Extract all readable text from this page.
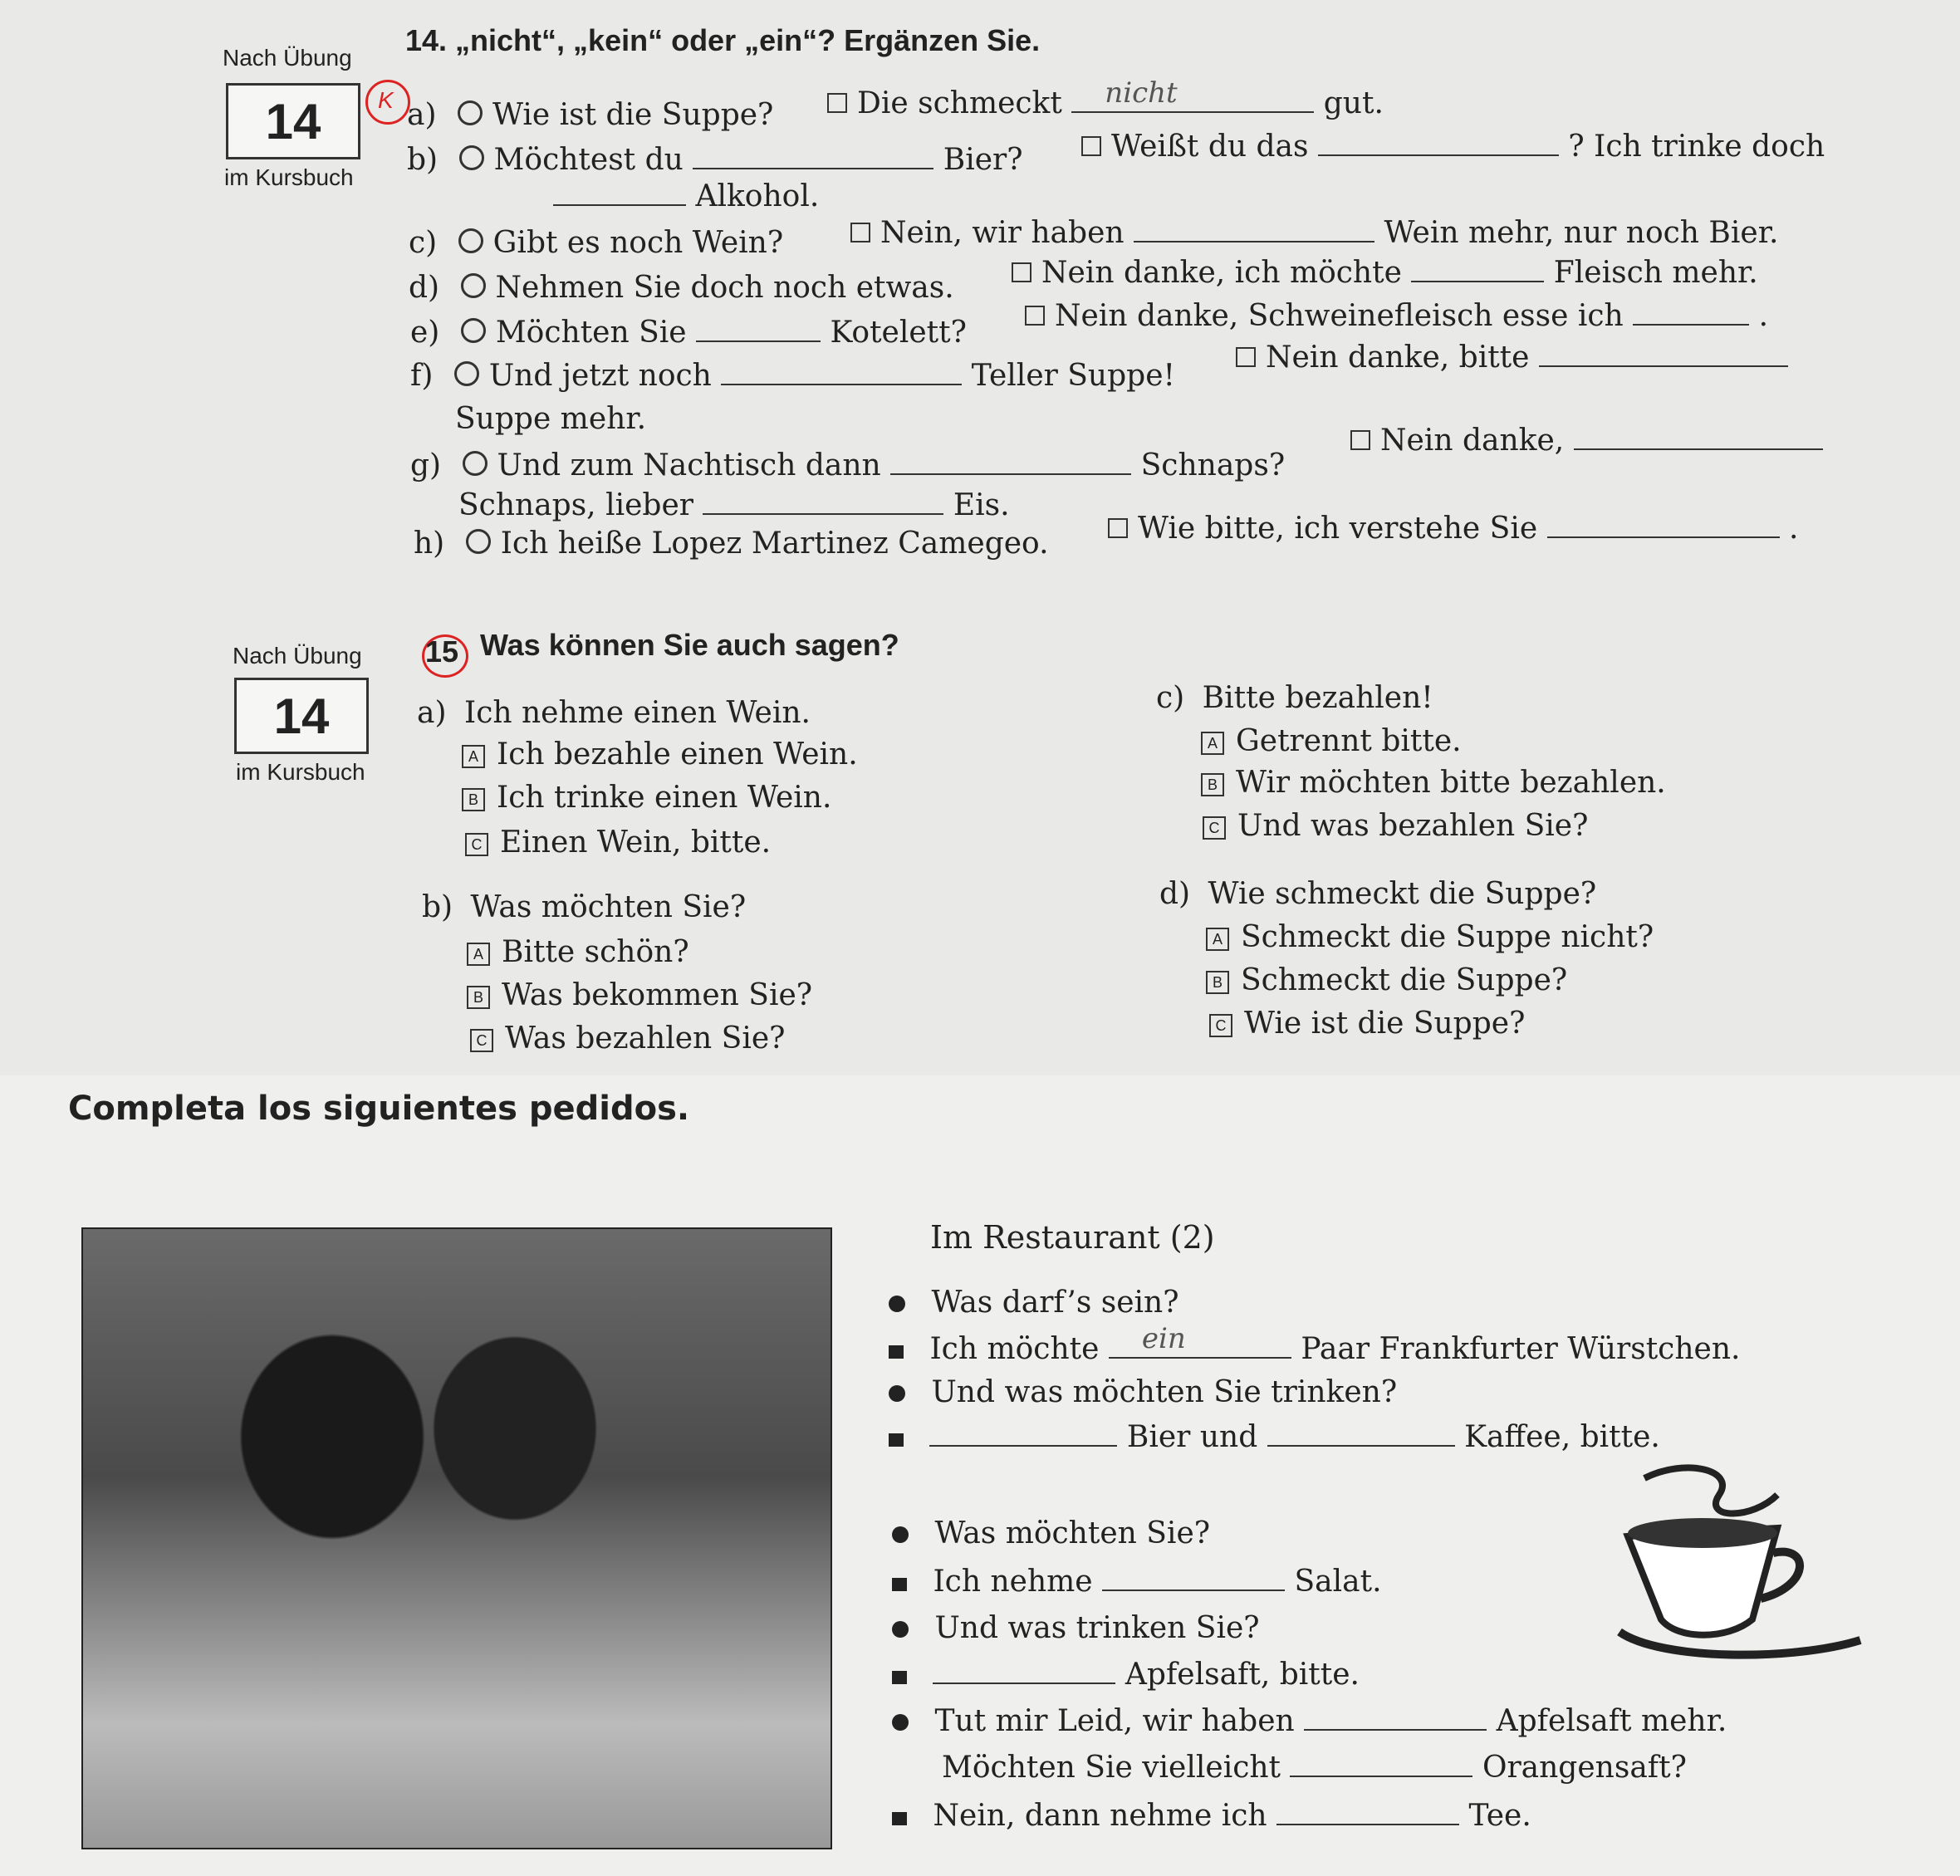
Nach Übung
14. „nicht“, „kein“ oder „ein“? Ergänzen Sie.
14
im Kursbuch
K a) Wie ist die Suppe?	Die schmeckt nicht	gut.
b) Möchtest du	Bier?	Weißt du das	? Ich trinke doch
Alkohol.
c) Gibt es noch Wein?	Nein, wir haben	Wein mehr, nur noch Bier.
d) Nehmen Sie doch noch etwas.	Nein danke, ich möchte	Fleisch mehr.
e) Möchten Sie	Kotelett?	Nein danke, Schweinefleisch esse ich	.
f) Und jetzt noch	Teller Suppe!
Nein danke, bitte
Suppe mehr.
g) Und zum Nachtisch dann	Schnaps?
Nein danke,
Schnaps, lieber	Eis.
h) Ich heiße Lopez Martinez Camegeo.	Wie bitte, ich verstehe Sie	.
Nach Übung 15 Was können Sie auch sagen?
14
im Kursbuch
a) Ich nehme einen Wein.
A Ich bezahle einen Wein.
B Ich trinke einen Wein.
C Einen Wein, bitte.
b) Was möchten Sie?
A Bitte schön?
B Was bekommen Sie?
C Was bezahlen Sie?
c) Bitte bezahlen!
A Getrennt bitte.
B Wir möchten bitte bezahlen.
C Und was bezahlen Sie?
d) Wie schmeckt die Suppe?
A Schmeckt die Suppe nicht?
B Schmeckt die Suppe?
C Wie ist die Suppe?
Completa los siguientes pedidos.
Im Restaurant (2)
Was darf’s sein?
Ich möchte ein	Paar Frankfurter Würstchen.
Und was möchten Sie trinken?
Bier und	Kaffee, bitte.
Was möchten Sie?
Ich nehme	Salat.
Und was trinken Sie?
Apfelsaft, bitte.
Tut mir Leid, wir haben	Apfelsaft mehr.
Möchten Sie vielleicht	Orangensaft?
Nein, dann nehme ich	Tee.
